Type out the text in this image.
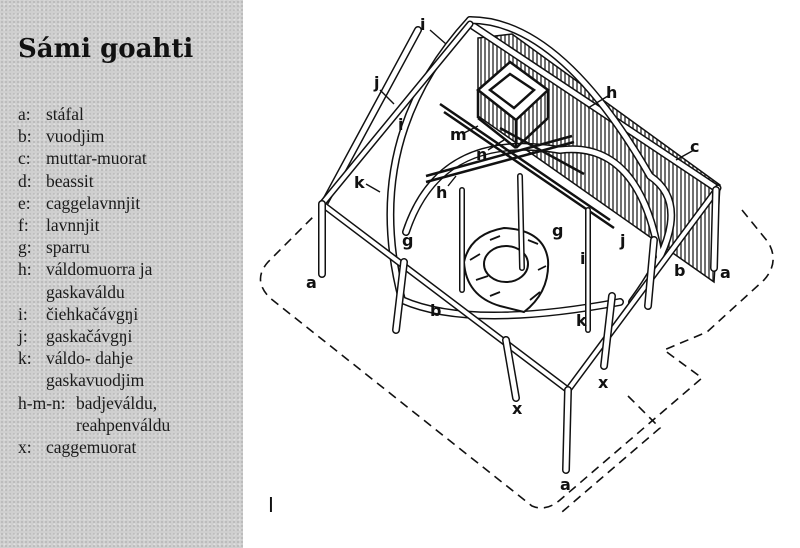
Sámi goahti
a: stáfal
b: vuodjim
c: muttar-muorat
d: beassit
e: caggelavnnjit
f: lavnnjit
g: sparru
h: váldomuorra ja
gaskaváldu
i:	čiehkačávgŋi
j:	gaskačávgŋi
k: váldo- dahje
gaskavuodjim
h-m-n: badjeváldu,
reahpenváldu
x: caggemuorat
i
h
c
j
i
m
n
k
h
g
g
j
i
a
b a
b
k
x
x
a
I
